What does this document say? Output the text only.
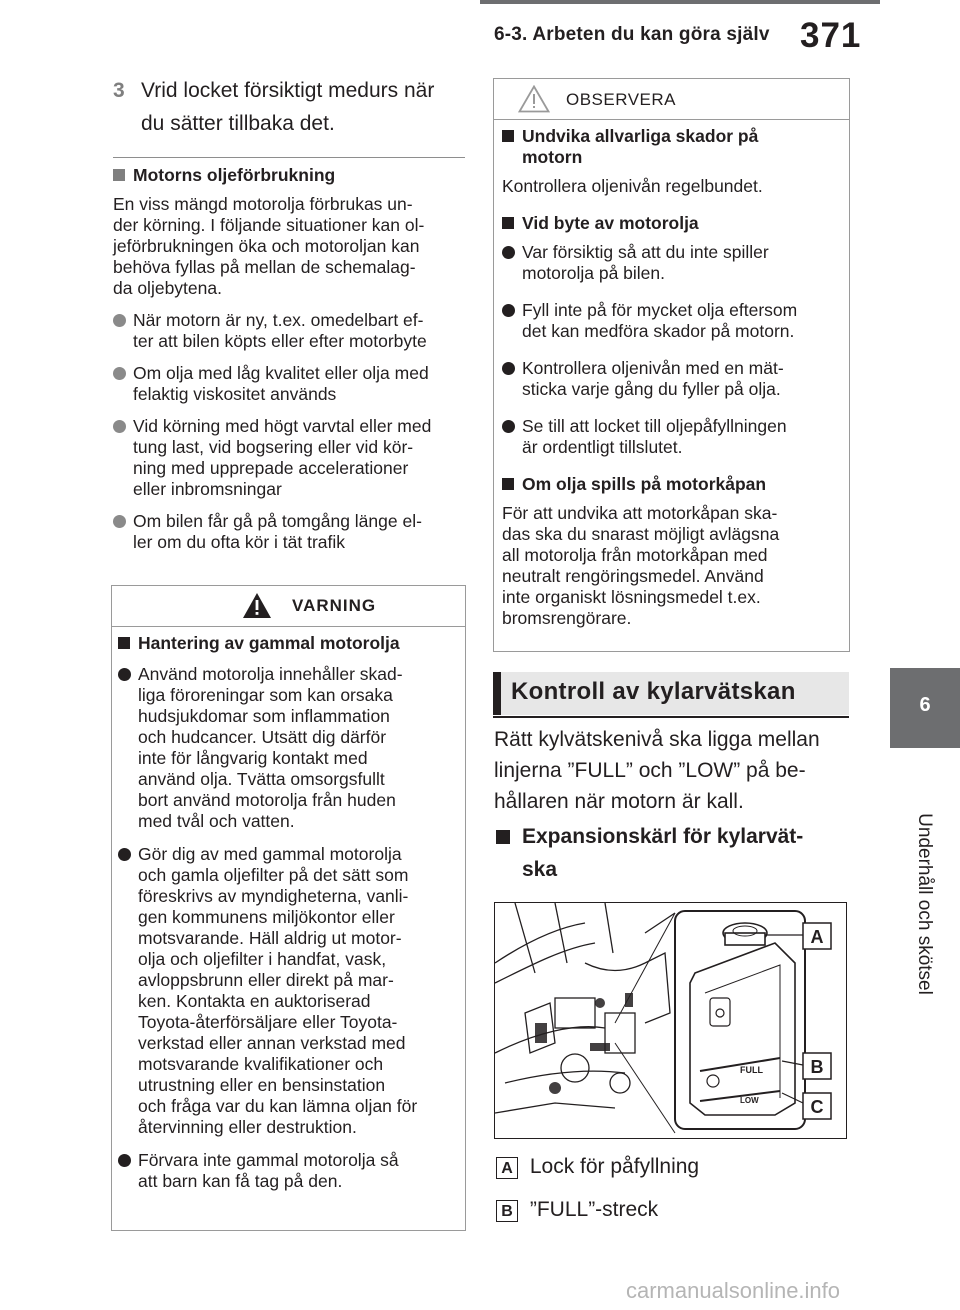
6-3. Arbeten du kan göra själv 371
6
Underhåll och skötsel
3 Vrid locket försiktigt medurs när
du sätter tillbaka det.
Motorns oljeförbrukning
En viss mängd motorolja förbrukas un-
der körning. I följande situationer kan ol-
jeförbrukningen öka och motoroljan kan
behöva fyllas på mellan de schemalag-
da oljebytena.
När motorn är ny, t.ex. omedelbart ef-
ter att bilen köpts eller efter motorbyte
Om olja med låg kvalitet eller olja med
felaktig viskositet används
Vid körning med högt varvtal eller med
tung last, vid bogsering eller vid kör-
ning med upprepade accelerationer
eller inbromsningar
Om bilen får gå på tomgång länge el-
ler om du ofta kör i tät trafik
VARNING
Hantering av gammal motorolja
Använd motorolja innehåller skad-
liga föroreningar som kan orsaka
hudsjukdomar som inflammation
och hudcancer. Utsätt dig därför
inte för långvarig kontakt med
använd olja. Tvätta omsorgsfullt
bort använd motorolja från huden
med tvål och vatten.
Gör dig av med gammal motorolja
och gamla oljefilter på det sätt som
föreskrivs av myndigheterna, vanli-
gen kommunens miljökontor eller
motsvarande. Häll aldrig ut motor-
olja och oljefilter i handfat, vask,
avloppsbrunn eller direkt på mar-
ken. Kontakta en auktoriserad
Toyota-återförsäljare eller Toyota-
verkstad eller annan verkstad med
motsvarande kvalifikationer och
utrustning eller en bensinstation
och fråga var du kan lämna oljan för
återvinning eller destruktion.
Förvara inte gammal motorolja så
att barn kan få tag på den.
OBSERVERA
Undvika allvarliga skador på
motorn
Kontrollera oljenivån regelbundet.
Vid byte av motorolja
Var försiktig så att du inte spiller
motorolja på bilen.
Fyll inte på för mycket olja eftersom
det kan medföra skador på motorn.
Kontrollera oljenivån med en mät-
sticka varje gång du fyller på olja.
Se till att locket till oljepåfyllningen
är ordentligt tillslutet.
Om olja spills på motorkåpan
För att undvika att motorkåpan ska-
das ska du snarast möjligt avlägsna
all motorolja från motorkåpan med
neutralt rengöringsmedel. Använd
inte organiskt lösningsmedel t.ex.
bromsrengörare.
Kontroll av kylarvätskan
Rätt kylvätskenivå ska ligga mellan
linjerna ”FULL” och ”LOW” på be-
hållaren när motorn är kall.
Expansionskärl för kylarvät-
ska
FULL
LOW
A
B
C
A Lock för påfyllning
B ”FULL”-streck
carmanualsonline.info
